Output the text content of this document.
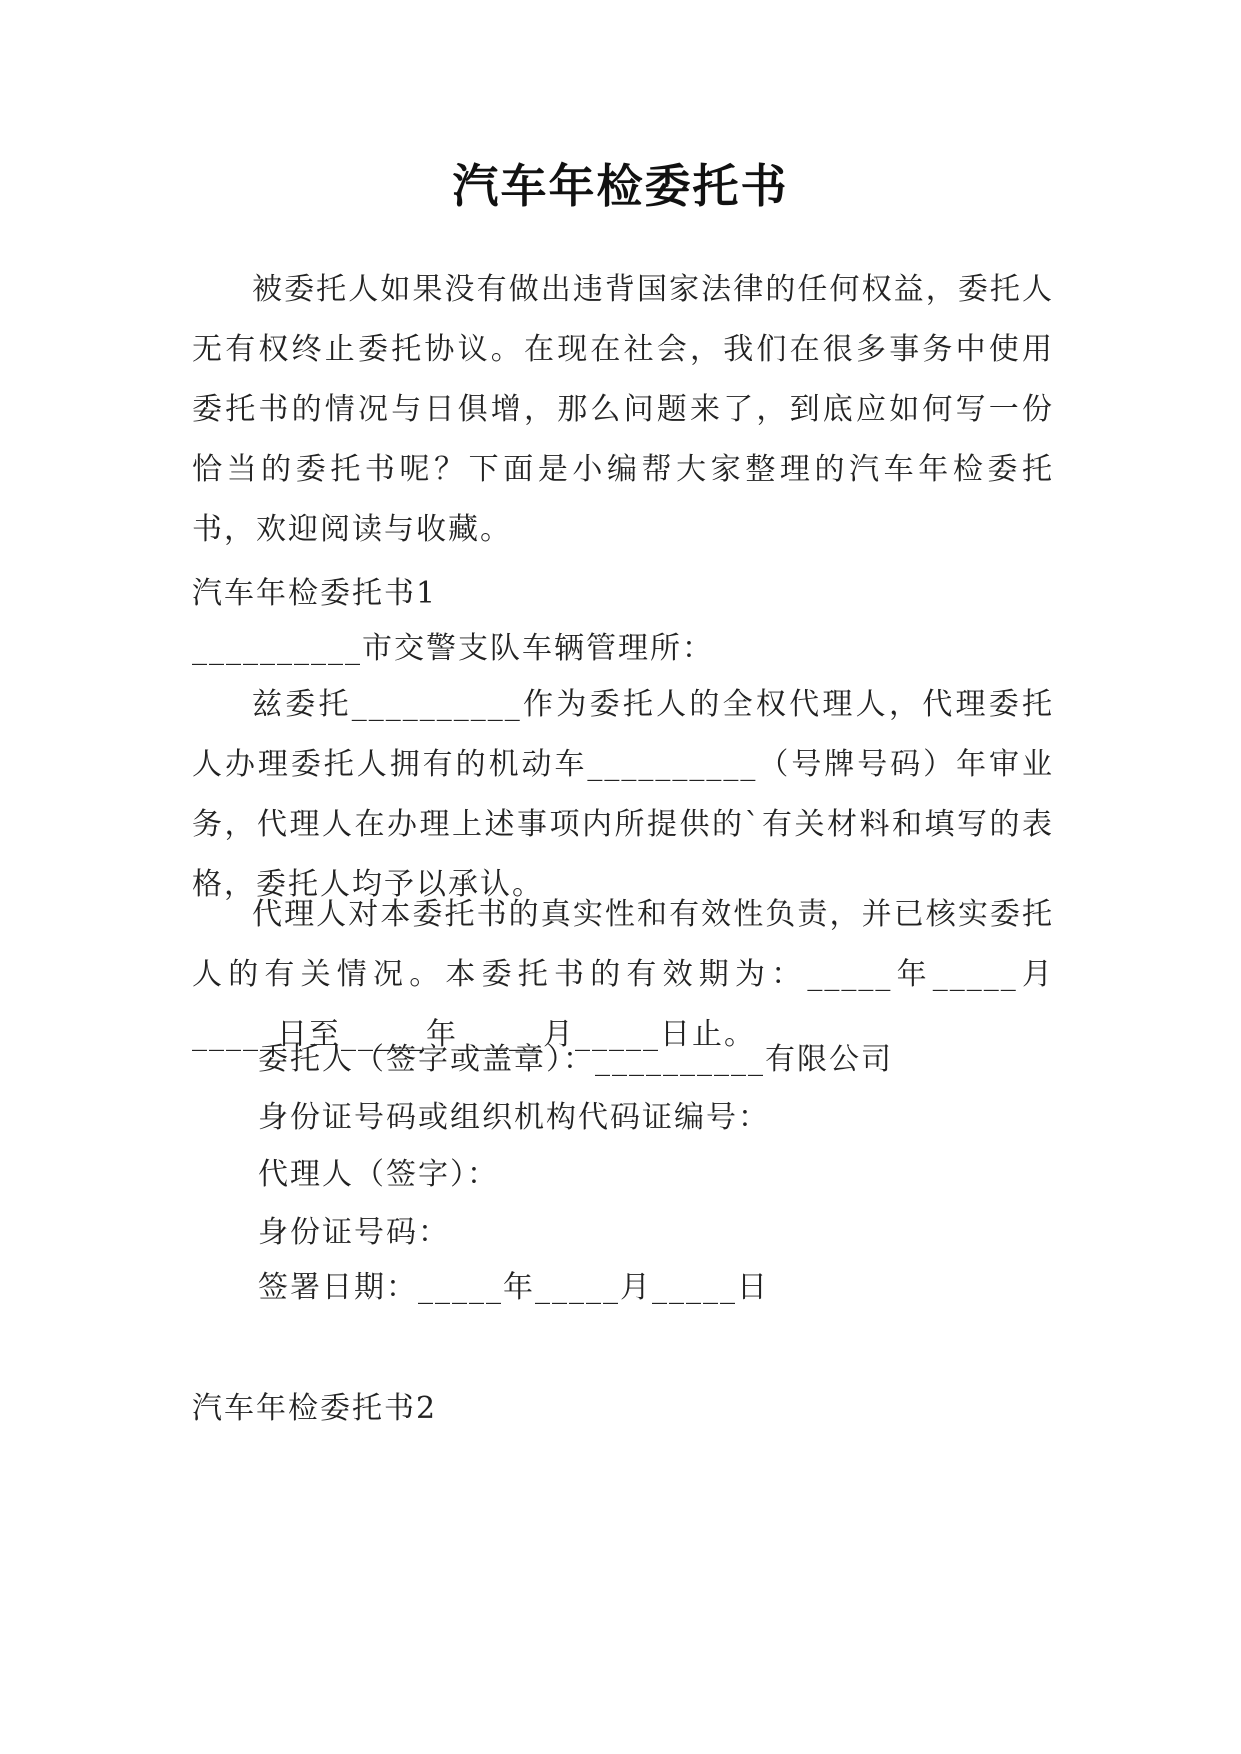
汽车年检委托书

被委托人如果没有做出违背国家法律的任何权益，委托人无有权终止委托协议。在现在社会，我们在很多事务中使用委托书的情况与日俱增，那么问题来了，到底应如何写一份恰当的委托书呢？下面是小编帮大家整理的汽车年检委托书，欢迎阅读与收藏。

汽车年检委托书1

__________市交警支队车辆管理所：

兹委托__________作为委托人的全权代理人，代理委托人办理委托人拥有的机动车__________（号牌号码）年审业务，代理人在办理上述事项内所提供的`有关材料和填写的表格，委托人均予以承认。

代理人对本委托书的真实性和有效性负责，并已核实委托人的有关情况。本委托书的有效期为：_____年_____月_____日至_____年_____月_____日止。

委托人（签字或盖章）：__________有限公司

身份证号码或组织机构代码证编号：

代理人（签字）：

身份证号码：

签署日期：_____年_____月_____日

汽车年检委托书2
